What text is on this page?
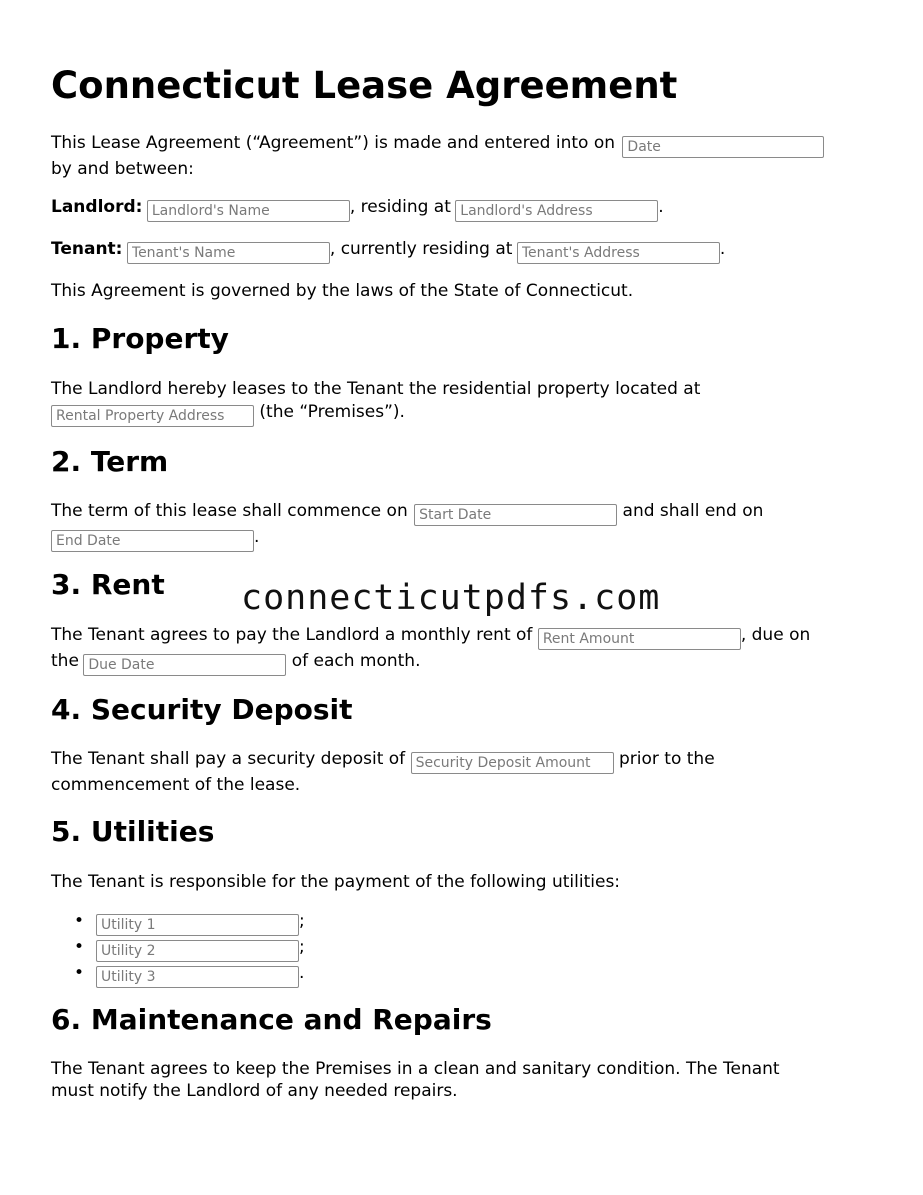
Connecticut Lease Agreement
This Lease Agreement (“Agreement”) is made and entered into on Date
by and between:
Landlord: Landlord's Name	, residing at Landlord's Address	.
Tenant: Tenant's Name	, currently residing at Tenant's Address	.
This Agreement is governed by the laws of the State of Connecticut.
1. Property
The Landlord hereby leases to the Tenant the residential property located at
Rental Property Address (the “Premises”).
2. Term
The term of this lease shall commence on Start Date	and shall end on
End Date.
3. Rent
The Tenant agrees to pay the Landlord a monthly rent of Rent Amount	, due on
the Due Date	of each month.
4. Security Deposit
The Tenant shall pay a security deposit of Security Deposit Amount	prior to the
commencement of the lease.
5. Utilities
The Tenant is responsible for the payment of the following utilities:
•
Utility 1	;
•
Utility 2	;
•
Utility 3	.
6. Maintenance and Repairs
The Tenant agrees to keep the Premises in a clean and sanitary condition. The Tenant
must notify the Landlord of any needed repairs.
connecticutpdfs.com
